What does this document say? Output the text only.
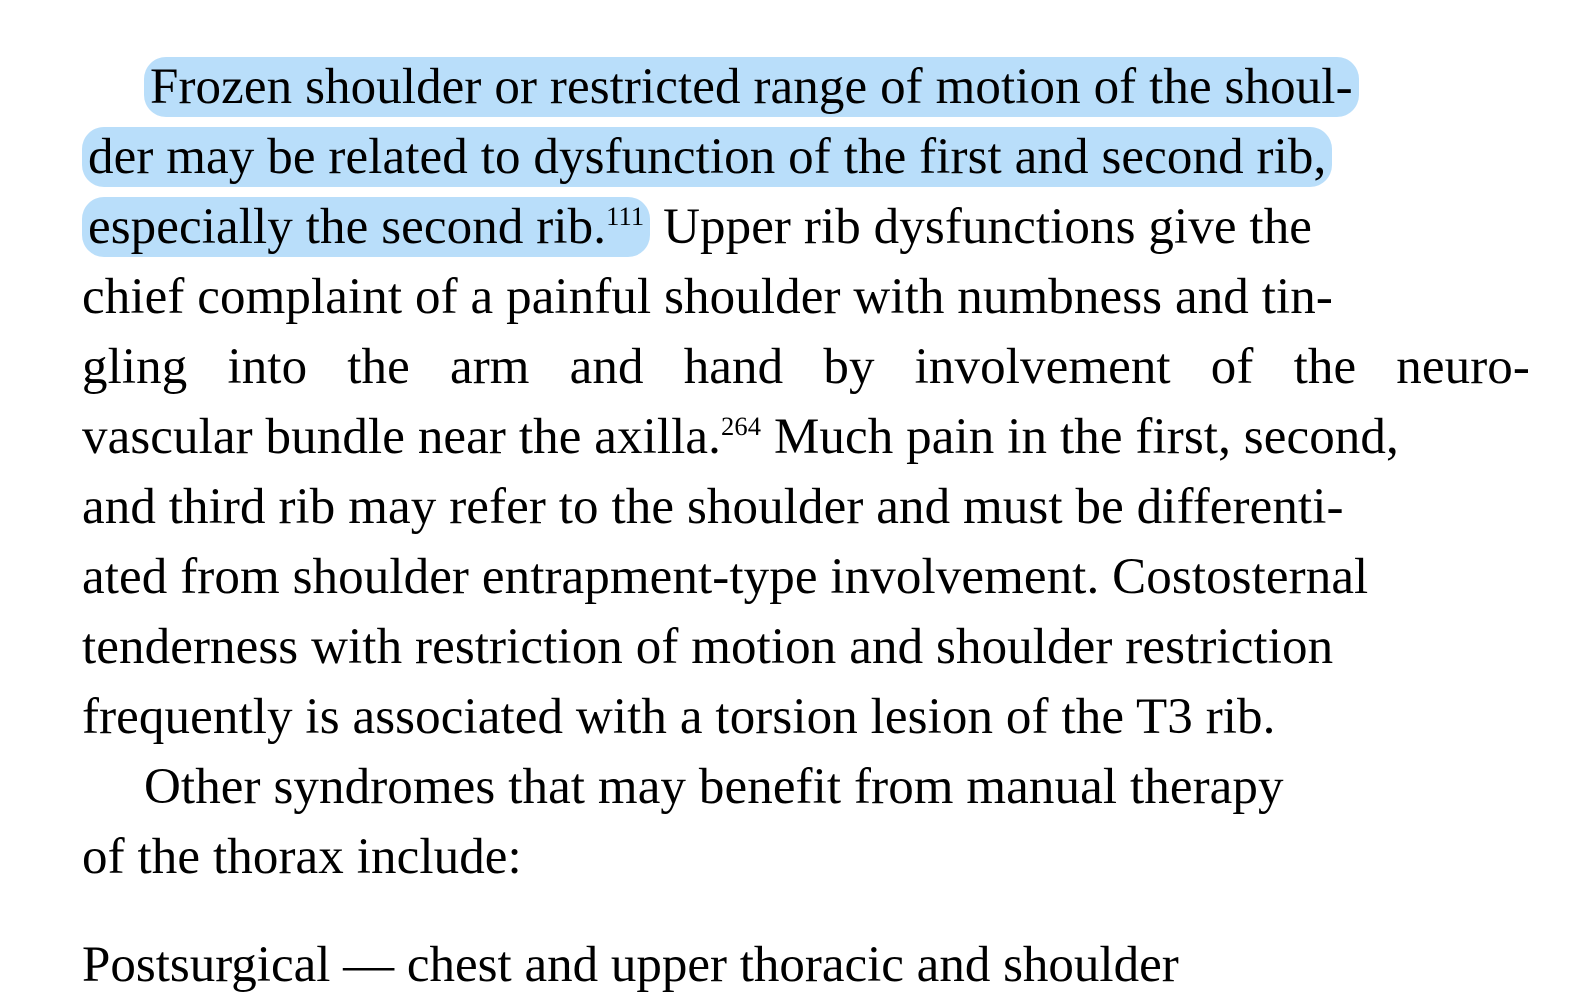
Frozen shoulder or restricted range of motion of the shoul-
der may be related to dysfunction of the first and second rib,
especially the second rib.$^{111}$ Upper rib dysfunctions give the
chief complaint of a painful shoulder with numbness and tin-
gling into the arm and hand by involvement of the neuro-
vascular bundle near the axilla.$^{264}$ Much pain in the first, second,
and third rib may refer to the shoulder and must be differenti-
ated from shoulder entrapment-type involvement. Costosternal
tenderness with restriction of motion and shoulder restriction
frequently is associated with a torsion lesion of the T3 rib.

Other syndromes that may benefit from manual therapy
of the thorax include:

Postsurgical — chest and upper thoracic and shoulder
